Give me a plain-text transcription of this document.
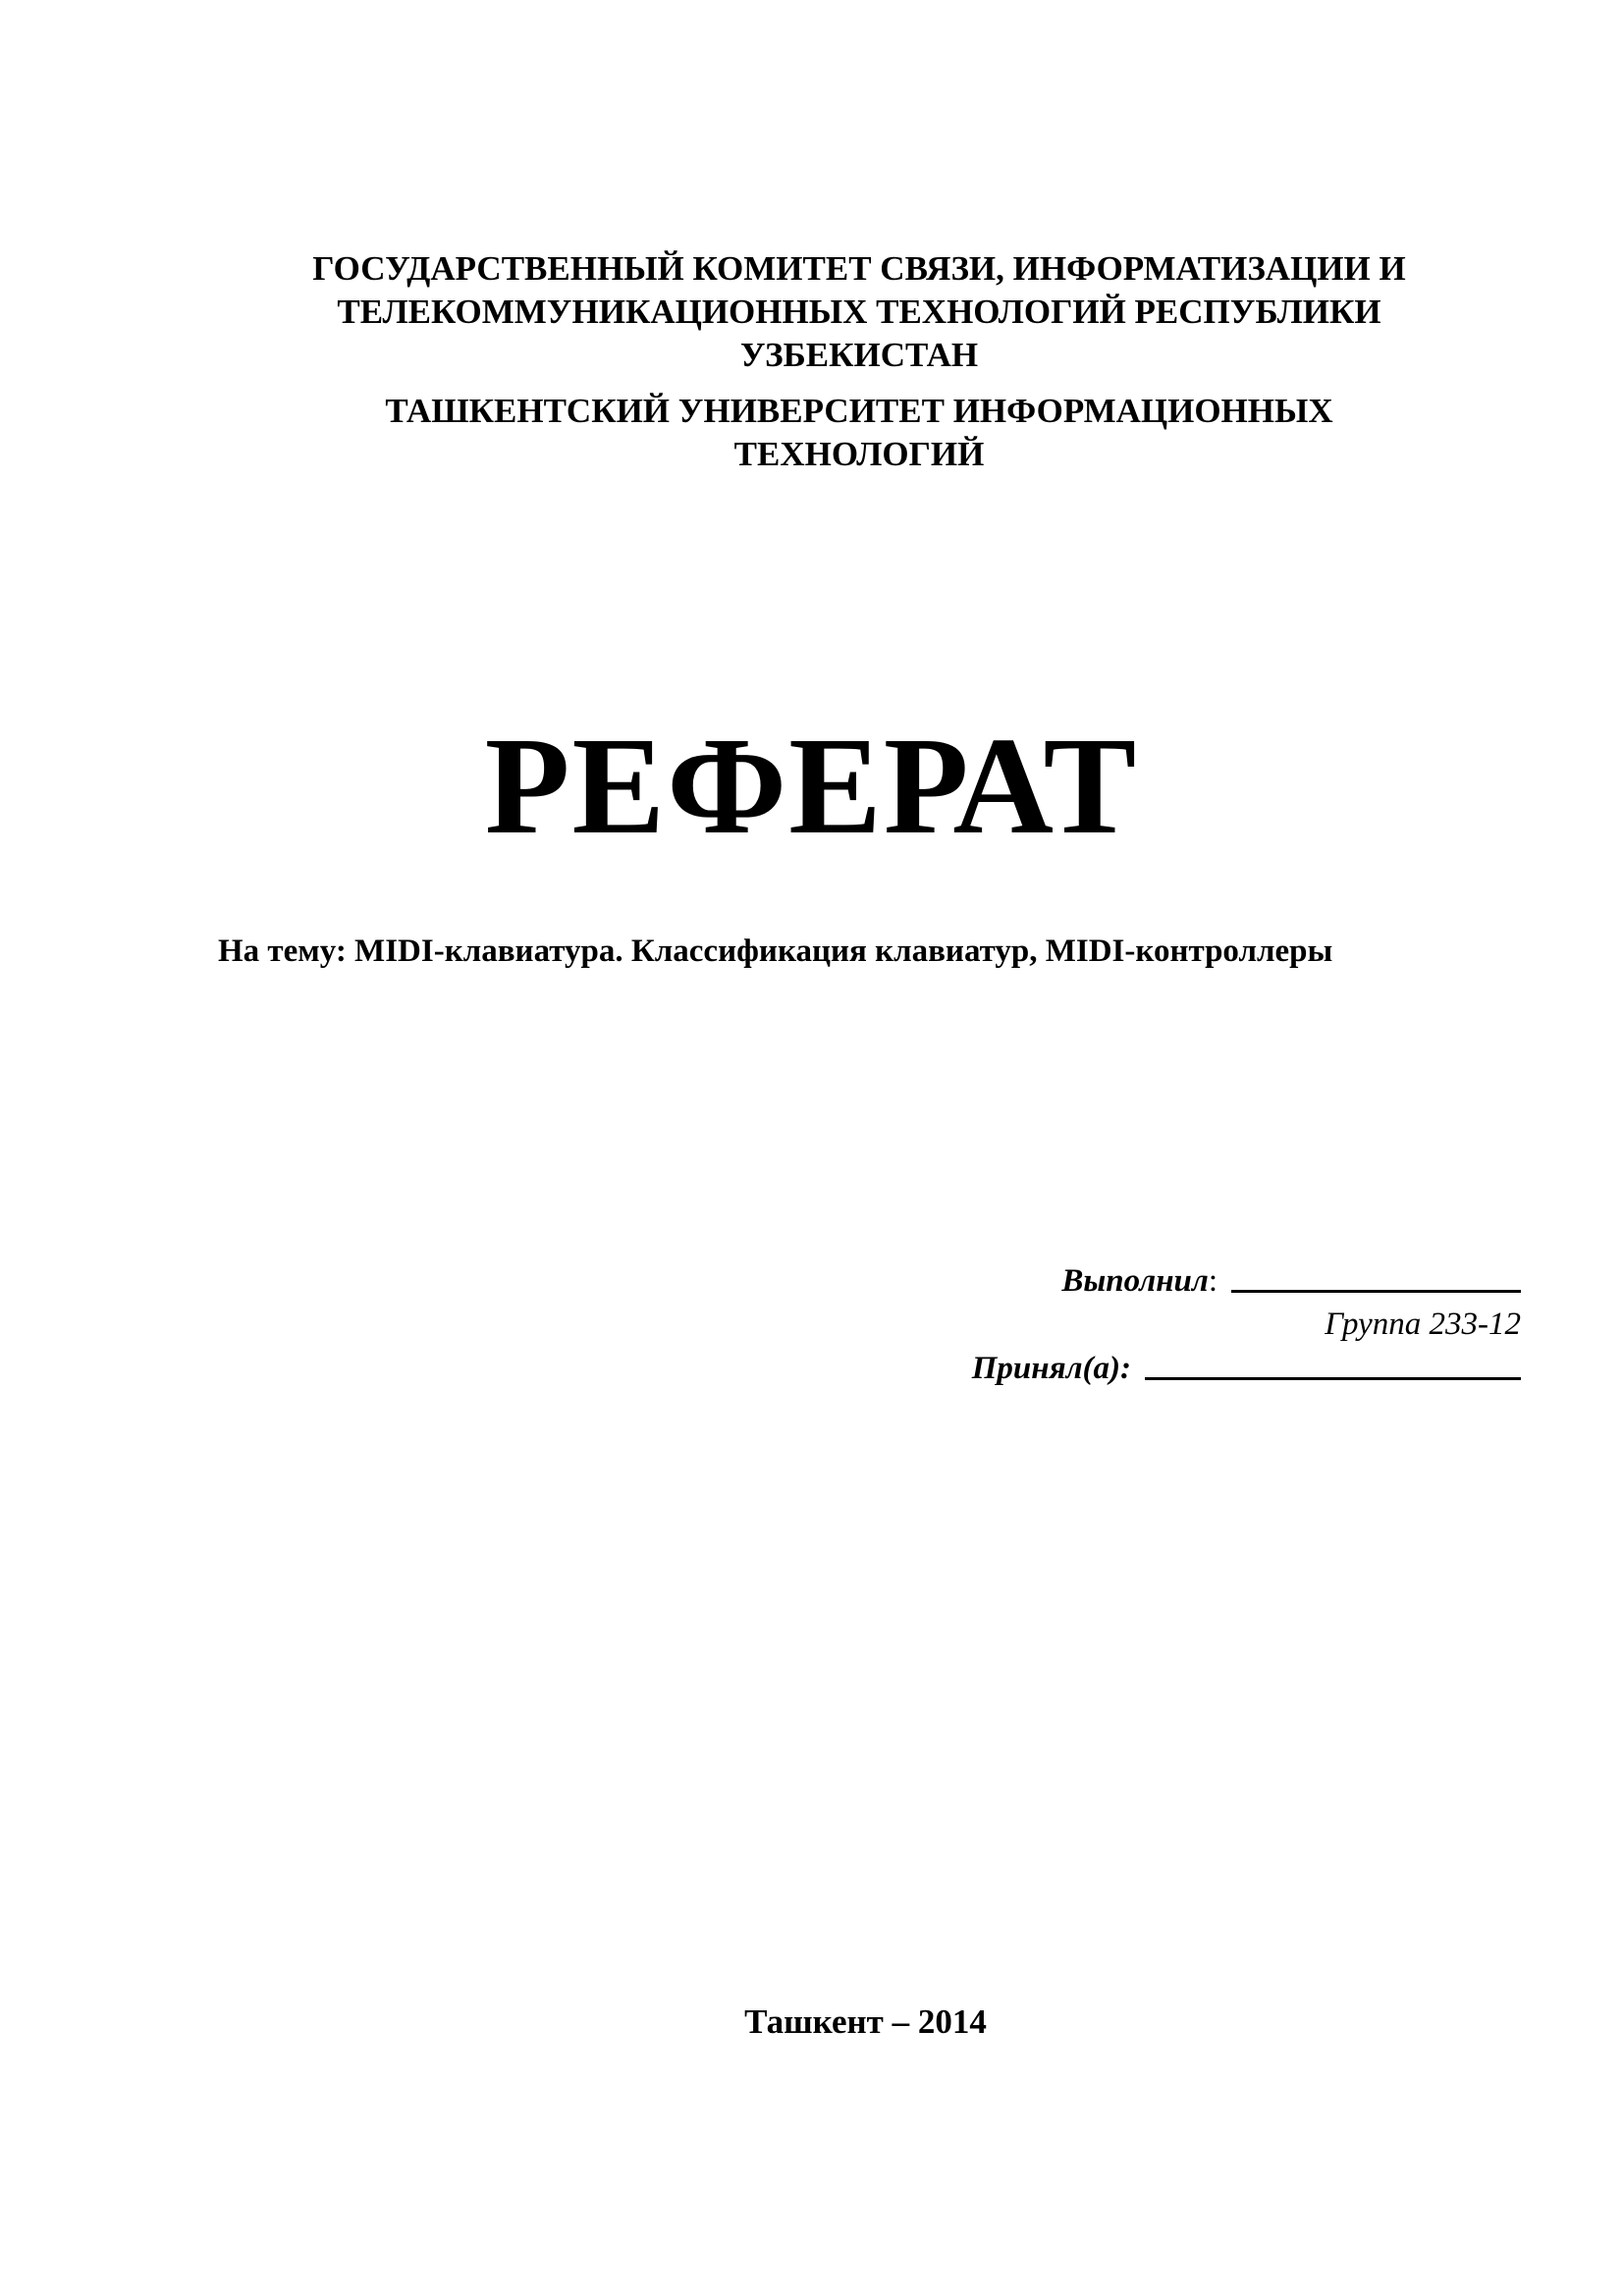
ГОСУДАРСТВЕННЫЙ КОМИТЕТ СВЯЗИ, ИНФОРМАТИЗАЦИИ И
ТЕЛЕКОММУНИКАЦИОННЫХ ТЕХНОЛОГИЙ РЕСПУБЛИКИ
УЗБЕКИСТАН
ТАШКЕНТСКИЙ УНИВЕРСИТЕТ ИНФОРМАЦИОННЫХ
ТЕХНОЛОГИЙ
РЕФЕРАТ
На тему: MIDI-клавиатура. Классификация клавиатур, MIDI-контроллеры
Выполнил :
Группа 233-12
Принял(а):
Ташкент – 2014
